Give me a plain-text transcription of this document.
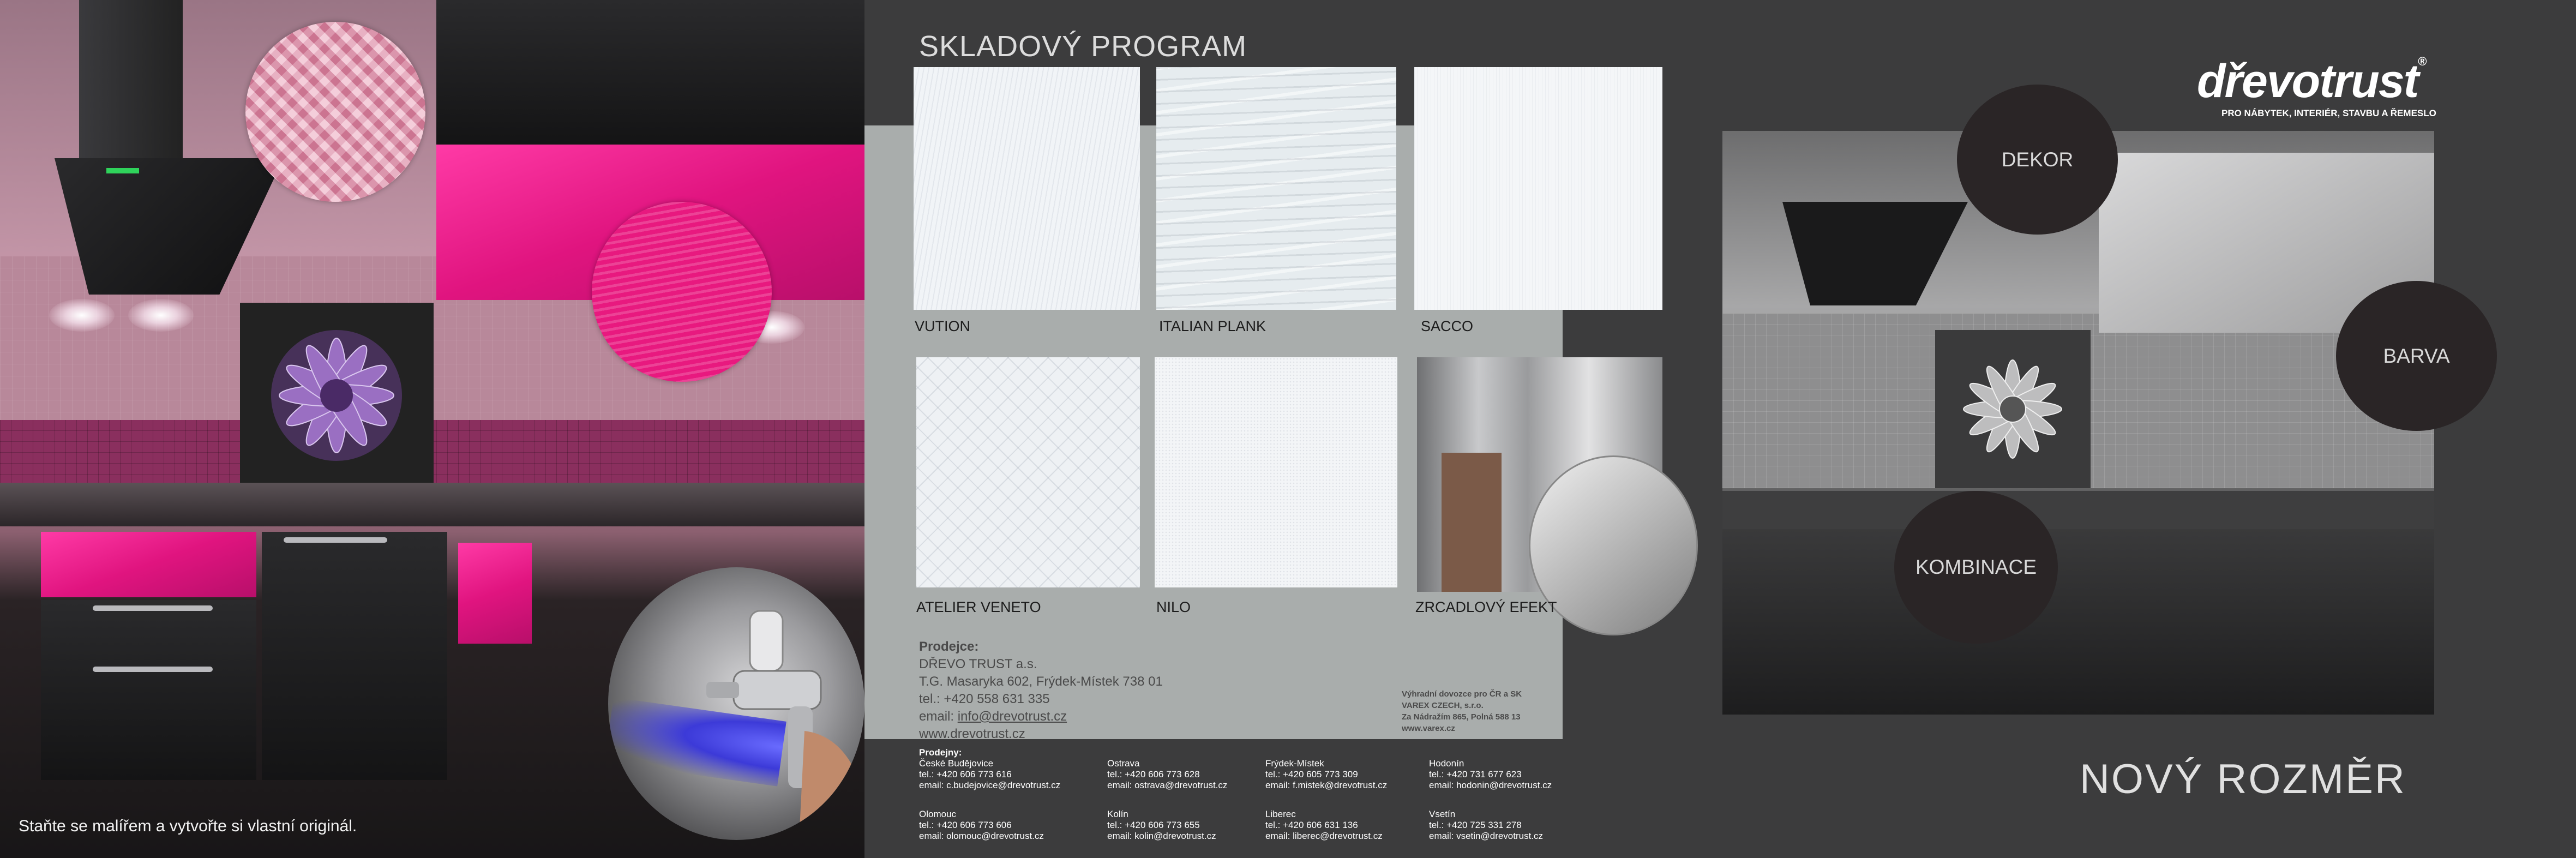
Staňte se malířem a vytvořte si vlastní originál.
SKLADOVÝ PROGRAM
VUTION	ITALIAN PLANK	SACCO
ATELIER VENETO	NILO	ZRCADLOVÝ EFEKT
Prodejce:
DŘEVO TRUST a.s.
T.G. Masaryka 602, Frýdek-Místek 738 01
tel.: +420 558 631 335
email: info@drevotrust.cz
www.drevotrust.cz
Výhradní dovozce pro ČR a SK
VAREX CZECH, s.r.o.
Za Nádražím 865, Polná 588 13
www.varex.cz
Prodejny:
České Budějovice
tel.: +420 606 773 616
email: c.budejovice@drevotrust.cz
Ostrava
tel.: +420 606 773 628
email: ostrava@drevotrust.cz
Frýdek-Místek
tel.: +420 605 773 309
email: f.mistek@drevotrust.cz
Hodonín
tel.: +420 731 677 623
email: hodonin@drevotrust.cz
Olomouc
tel.: +420 606 773 606
email: olomouc@drevotrust.cz
Kolín
tel.: +420 606 773 655
email: kolin@drevotrust.cz
Liberec
tel.: +420 606 631 136
email: liberec@drevotrust.cz
Vsetín
tel.: +420 725 331 278
email: vsetin@drevotrust.cz
dřevotrust®
PRO NÁBYTEK, INTERIÉR, STAVBU A ŘEMESLO
DEKOR
BARVA
KOMBINACE
NOVÝ ROZMĚR
